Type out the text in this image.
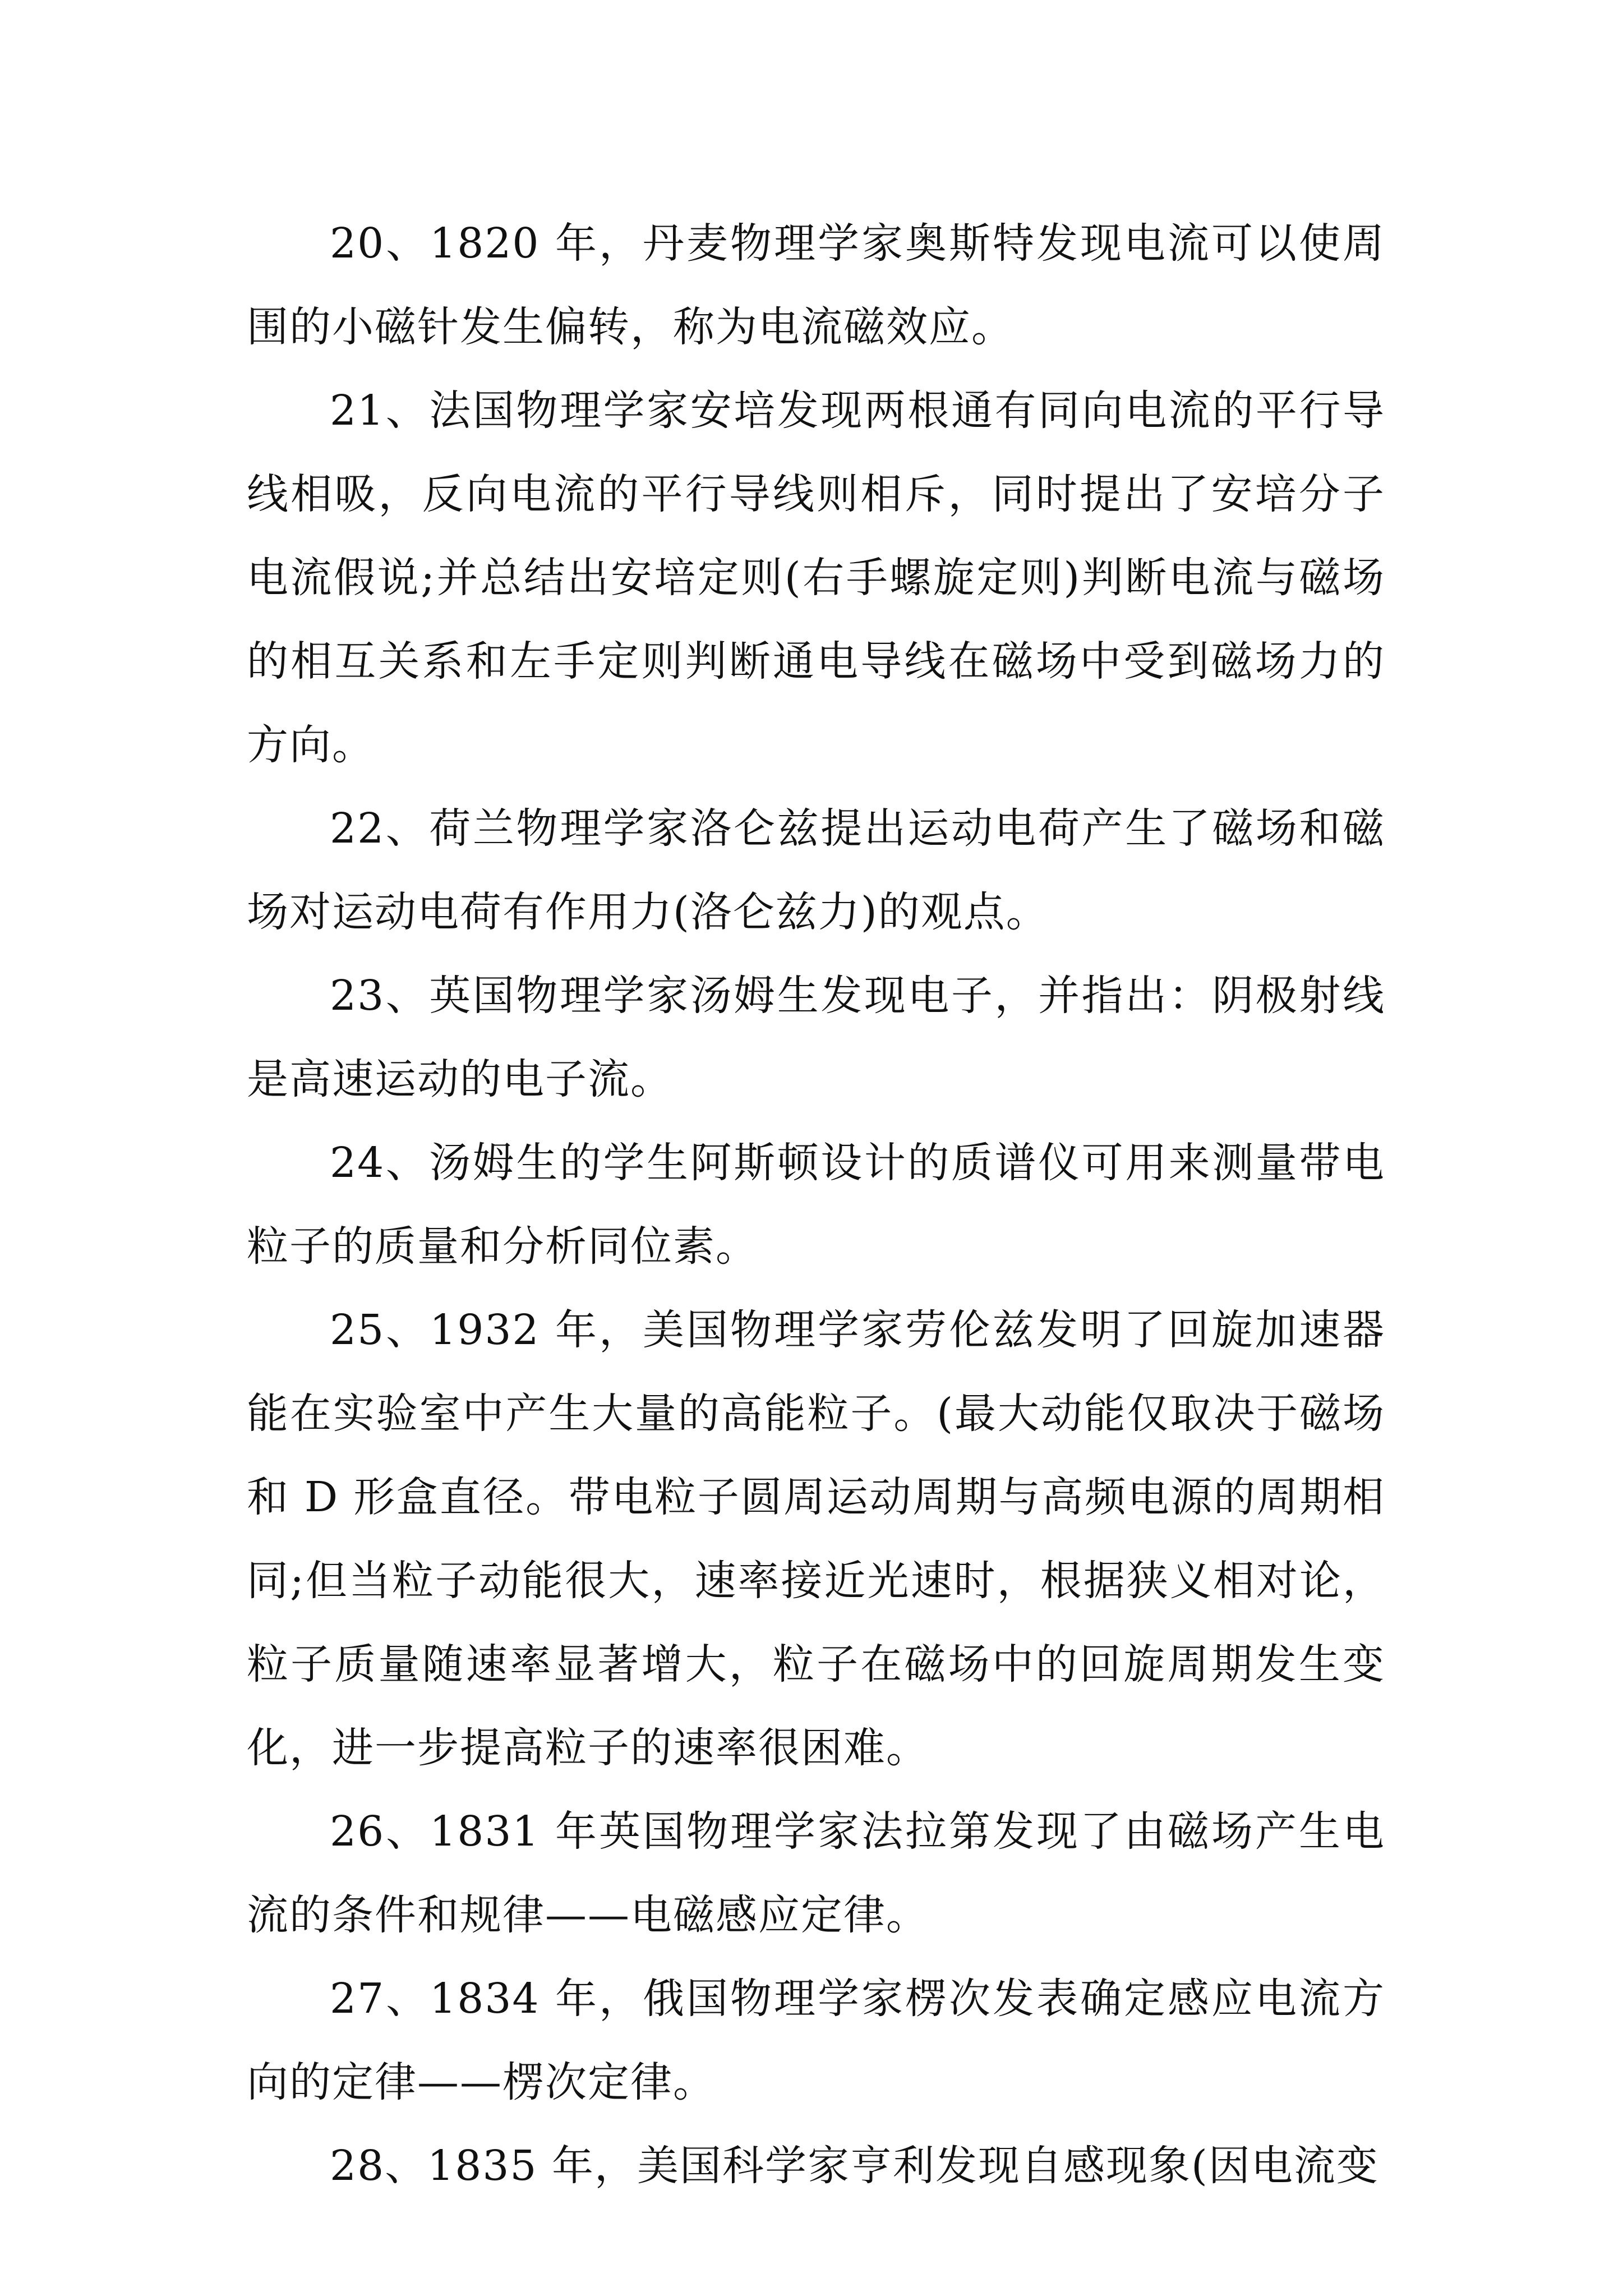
20、1820 年，丹麦物理学家奥斯特发现电流可以使周围的小磁针发生偏转，称为电流磁效应。

21、法国物理学家安培发现两根通有同向电流的平行导线相吸，反向电流的平行导线则相斥，同时提出了安培分子电流假说;并总结出安培定则(右手螺旋定则)判断电流与磁场的相互关系和左手定则判断通电导线在磁场中受到磁场力的方向。

22、荷兰物理学家洛仑兹提出运动电荷产生了磁场和磁场对运动电荷有作用力(洛仑兹力)的观点。

23、英国物理学家汤姆生发现电子，并指出：阴极射线是高速运动的电子流。

24、汤姆生的学生阿斯顿设计的质谱仪可用来测量带电粒子的质量和分析同位素。

25、1932 年，美国物理学家劳伦兹发明了回旋加速器能在实验室中产生大量的高能粒子。(最大动能仅取决于磁场和 D 形盒直径。带电粒子圆周运动周期与高频电源的周期相同;但当粒子动能很大，速率接近光速时，根据狭义相对论，粒子质量随速率显著增大，粒子在磁场中的回旋周期发生变化，进一步提高粒子的速率很困难。

26、1831 年英国物理学家法拉第发现了由磁场产生电流的条件和规律——电磁感应定律。

27、1834 年，俄国物理学家楞次发表确定感应电流方向的定律——楞次定律。

28、1835 年，美国科学家亨利发现自感现象(因电流变
